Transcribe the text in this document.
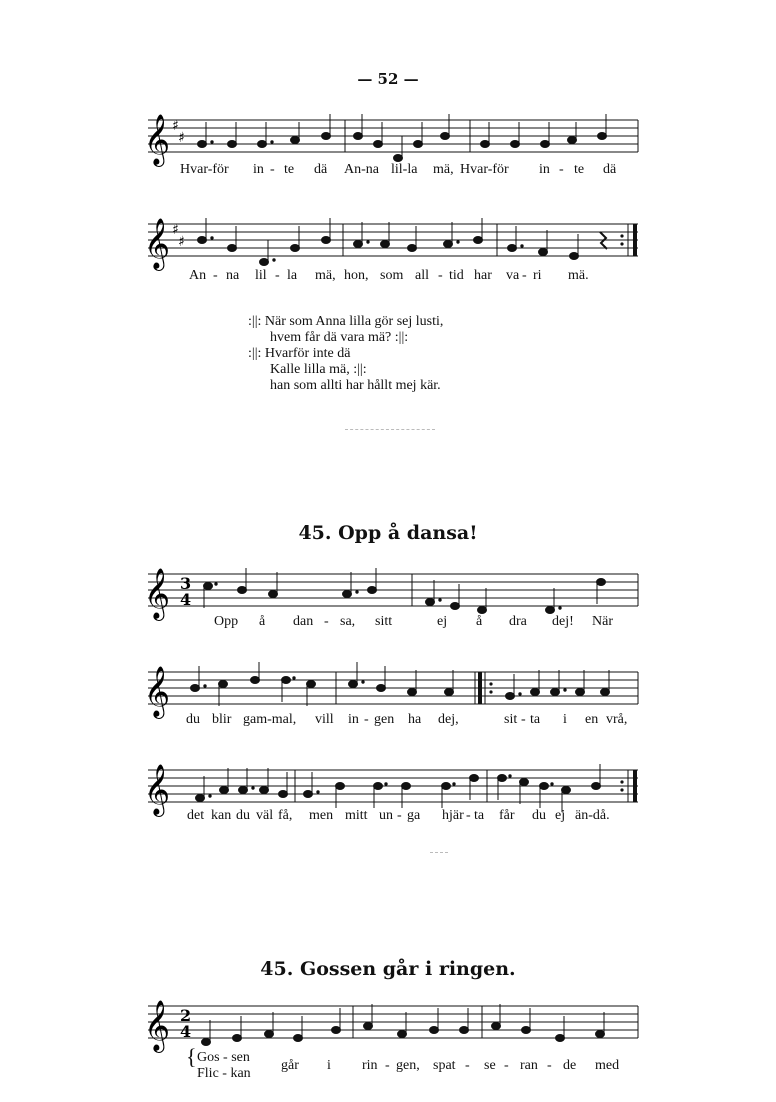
— 52 —
𝄞 ♯
♯
Hvar-för in - te dä An-na lil-la mä, Hvar-för in - te dä
𝄞 ♯
♯
An - na lil - la mä, hon, som all - tid har va - ri mä.
:||: När som Anna lilla gör sej lusti,
hvem får dä vara mä? :||:
:||: Hvarför inte dä
Kalle lilla mä, :||:
han som allti har hållt mej kär.
45. Opp å dansa!
𝄞 3
4
Opp å dan - sa, sitt	ej å dra dej! När
𝄞
du blir gam-mal, vill in - gen ha dej,	sit - ta i en vrå,
𝄞
det kan du väl få, men mitt un - ga hjär - ta får du ej än-då.
45. Gossen går i ringen.
𝄞 2
4
{ Gos - sen
Flic - kan
går i rin - gen, spat - se - ran - de med
